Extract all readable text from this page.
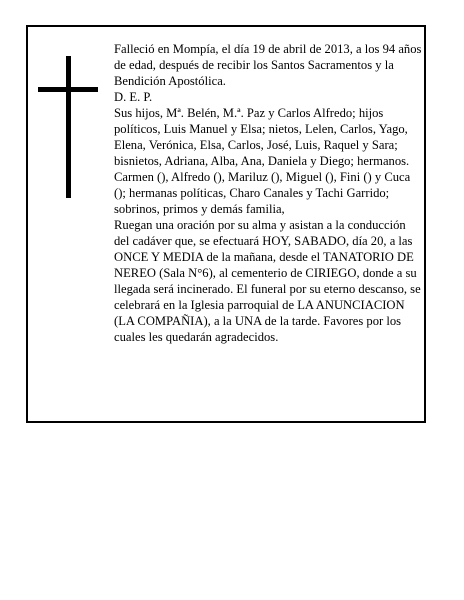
Falleció en Mompía, el día 19 de abril de 2013, a los 94 años de edad, después de recibir los Santos Sacramentos y la Bendición Apostólica.

D. E. P.

Sus hijos, Mª. Belén, M.ª. Paz y Carlos Alfredo; hijos políticos, Luis Manuel y Elsa; nietos, Lelen, Carlos, Yago, Elena, Verónica, Elsa, Carlos, José, Luis, Raquel y Sara; bisnietos, Adriana, Alba, Ana, Daniela y Diego; hermanos. Carmen (), Alfredo (), Mariluz (), Miguel (), Fini () y Cuca (); hermanas políticas, Charo Canales y Tachi Garrido; sobrinos, primos y demás familia,

Ruegan una oración por su alma y asistan a la conducción del cadáver que, se efectuará HOY, SABADO, día 20, a las ONCE Y MEDIA de la mañana, desde el TANATORIO DE NEREO (Sala N°6), al cementerio de CIRIEGO, donde a su llegada será incinerado. El funeral por su eterno descanso, se celebrará en la Iglesia parroquial de LA ANUNCIACION (LA COMPAÑIA), a la UNA de la tarde. Favores por los cuales les quedarán agradecidos.
